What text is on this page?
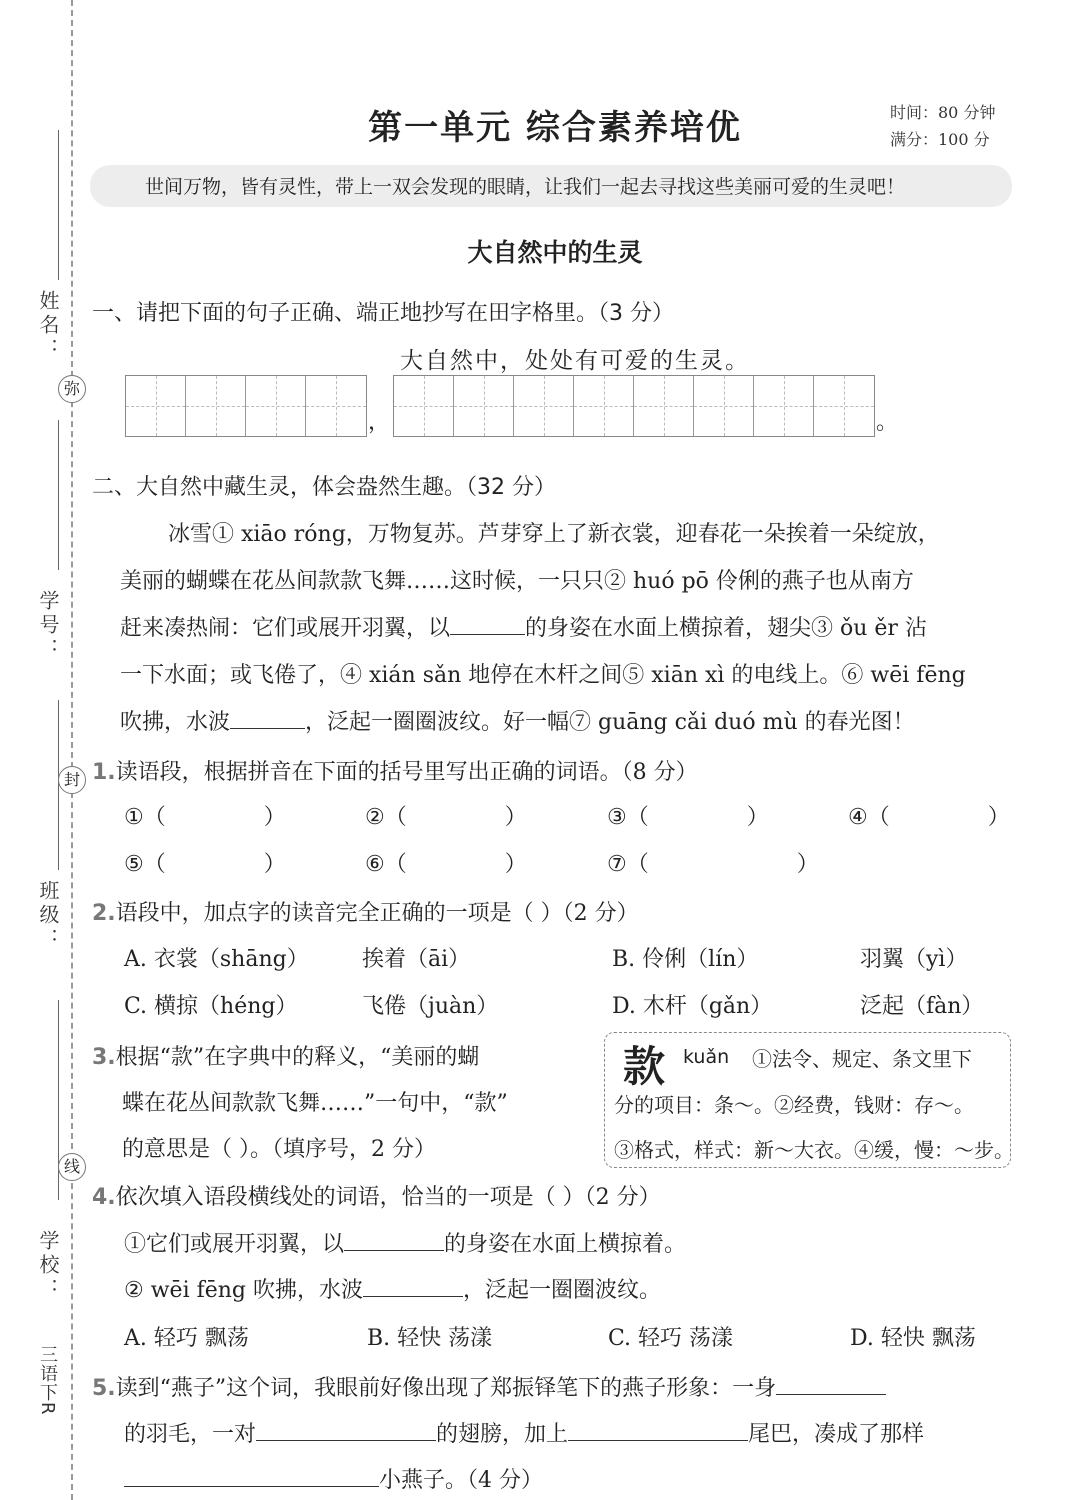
姓名：
学号：
班级：
学校：
三语下R
弥
封
线
第一单元 综合素养培优	时间：80 分钟
满分：100 分
世间万物，皆有灵性，带上一双会发现的眼睛，让我们一起去寻找这些美丽可爱的生灵吧！
大自然中的生灵
一、请把下面的句子正确、端正地抄写在田字格里。（3 分）
大自然中，处处有可爱的生灵。
，	。
二、大自然中藏生灵，体会盎然生趣。（32 分）
冰雪① xiāo róng，万物复苏。芦芽穿上了新衣裳，迎春花一朵挨着一朵绽放，
美丽的蝴蝶在花丛间款款飞舞……这时候，一只只② huó pō 伶俐的燕子也从南方
赶来凑热闹：它们或展开羽翼，以	的身姿在水面上横掠着，翅尖③ ǒu ěr 沾
一下水面；或飞倦了，④ xián sǎn 地停在木杆之间⑤ xiān xì 的电线上。⑥ wēi fēng
吹拂，水波	，泛起一圈圈波纹。好一幅⑦ guāng cǎi duó mù 的春光图！
1.读语段，根据拼音在下面的括号里写出正确的词语。（8 分）
①（	）	②（	）	③（	）	④（	）
⑤（	）	⑥（	）	⑦（	）
2.语段中，加点字的读音完全正确的一项是（ ）（2 分）
A. 衣裳（shāng） 挨着（āi）	B. 伶俐（lín）	羽翼（yì）
C. 横掠（héng）	飞倦（juàn）	D. 木杆（gǎn）	泛起（fàn）
3.根据“款”在字典中的释义，“美丽的蝴
蝶在花丛间款款飞舞……”一句中，“款”
的意思是（ ）。（填序号，2 分）
款 kuǎn ①法令、规定、条文里下
分的项目：条～。②经费，钱财：存～。
③格式，样式：新～大衣。④缓，慢：～步。
4.依次填入语段横线处的词语，恰当的一项是（ ）（2 分）
①它们或展开羽翼，以	的身姿在水面上横掠着。
② wēi fēng 吹拂，水波	，泛起一圈圈波纹。
A. 轻巧 飘荡	B. 轻快 荡漾	C. 轻巧 荡漾	D. 轻快 飘荡
5.读到“燕子”这个词，我眼前好像出现了郑振铎笔下的燕子形象：一身
的羽毛，一对	的翅膀，加上	尾巴，凑成了那样
小燕子。（4 分）
